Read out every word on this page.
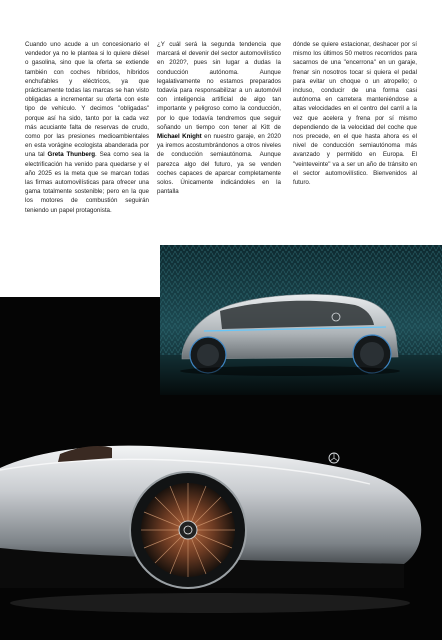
Cuando uno acude a un concesionario el vendedor ya no le plantea si lo quiere diésel o gasolina, sino que la oferta se extiende también con coches híbridos, híbridos enchufables y eléctricos, ya que prácticamente todas las marcas se han visto obligadas a incrementar su oferta con este tipo de vehículo. Y decimos "obligadas" porque así ha sido, tanto por la cada vez más acuciante falta de reservas de crudo, como por las presiones medioambientales en esta vorágine ecologista abanderada por una tal Greta Thunberg. Sea como sea la electrificación ha venido para quedarse y el año 2025 es la meta que se marcan todas las firmas automovilísticas para ofrecer una gama totalmente sostenible; pero en la que los motores de combustión seguirán teniendo un papel protagonista.

¿Y cuál será la segunda tendencia que marcará el devenir del sector automovilístico en 2020?, pues sin lugar a dudas la conducción autónoma. Aunque legalativamente no estamos preparados todavía para responsabilizar a un automóvil con inteligencia artificial de algo tan importante y peligroso como la conducción, por lo que todavía tendremos que seguir soñando un tiempo con tener al Kitt de Michael Knight en nuestro garaje, en 2020 ya iremos acostumbrándonos a otros niveles de conducción semiautónoma. Aunque parezca algo del futuro, ya se venden coches capaces de aparcar completamente solos. Únicamente indicándoles en la pantalla

dónde se quiere estacionar, deshacer por sí mismo los últimos 50 metros recorridos para sacarnos de una "encerrona" en un garaje, frenar sin nosotros tocar si quiera el pedal para evitar un choque o un atropello; o incluso, conducir de una forma casi autónoma en carretera manteniéndose a altas velocidades en el centro del carril a la vez que acelera y frena por sí mismo dependiendo de la velocidad del coche que nos precede, en el que hasta ahora es el nivel de conducción semiautónoma más avanzado y permitido en Europa. El "veinteveinte" va a ser un año de tránsito en el sector automovilístico. Bienvenidos al futuro.
